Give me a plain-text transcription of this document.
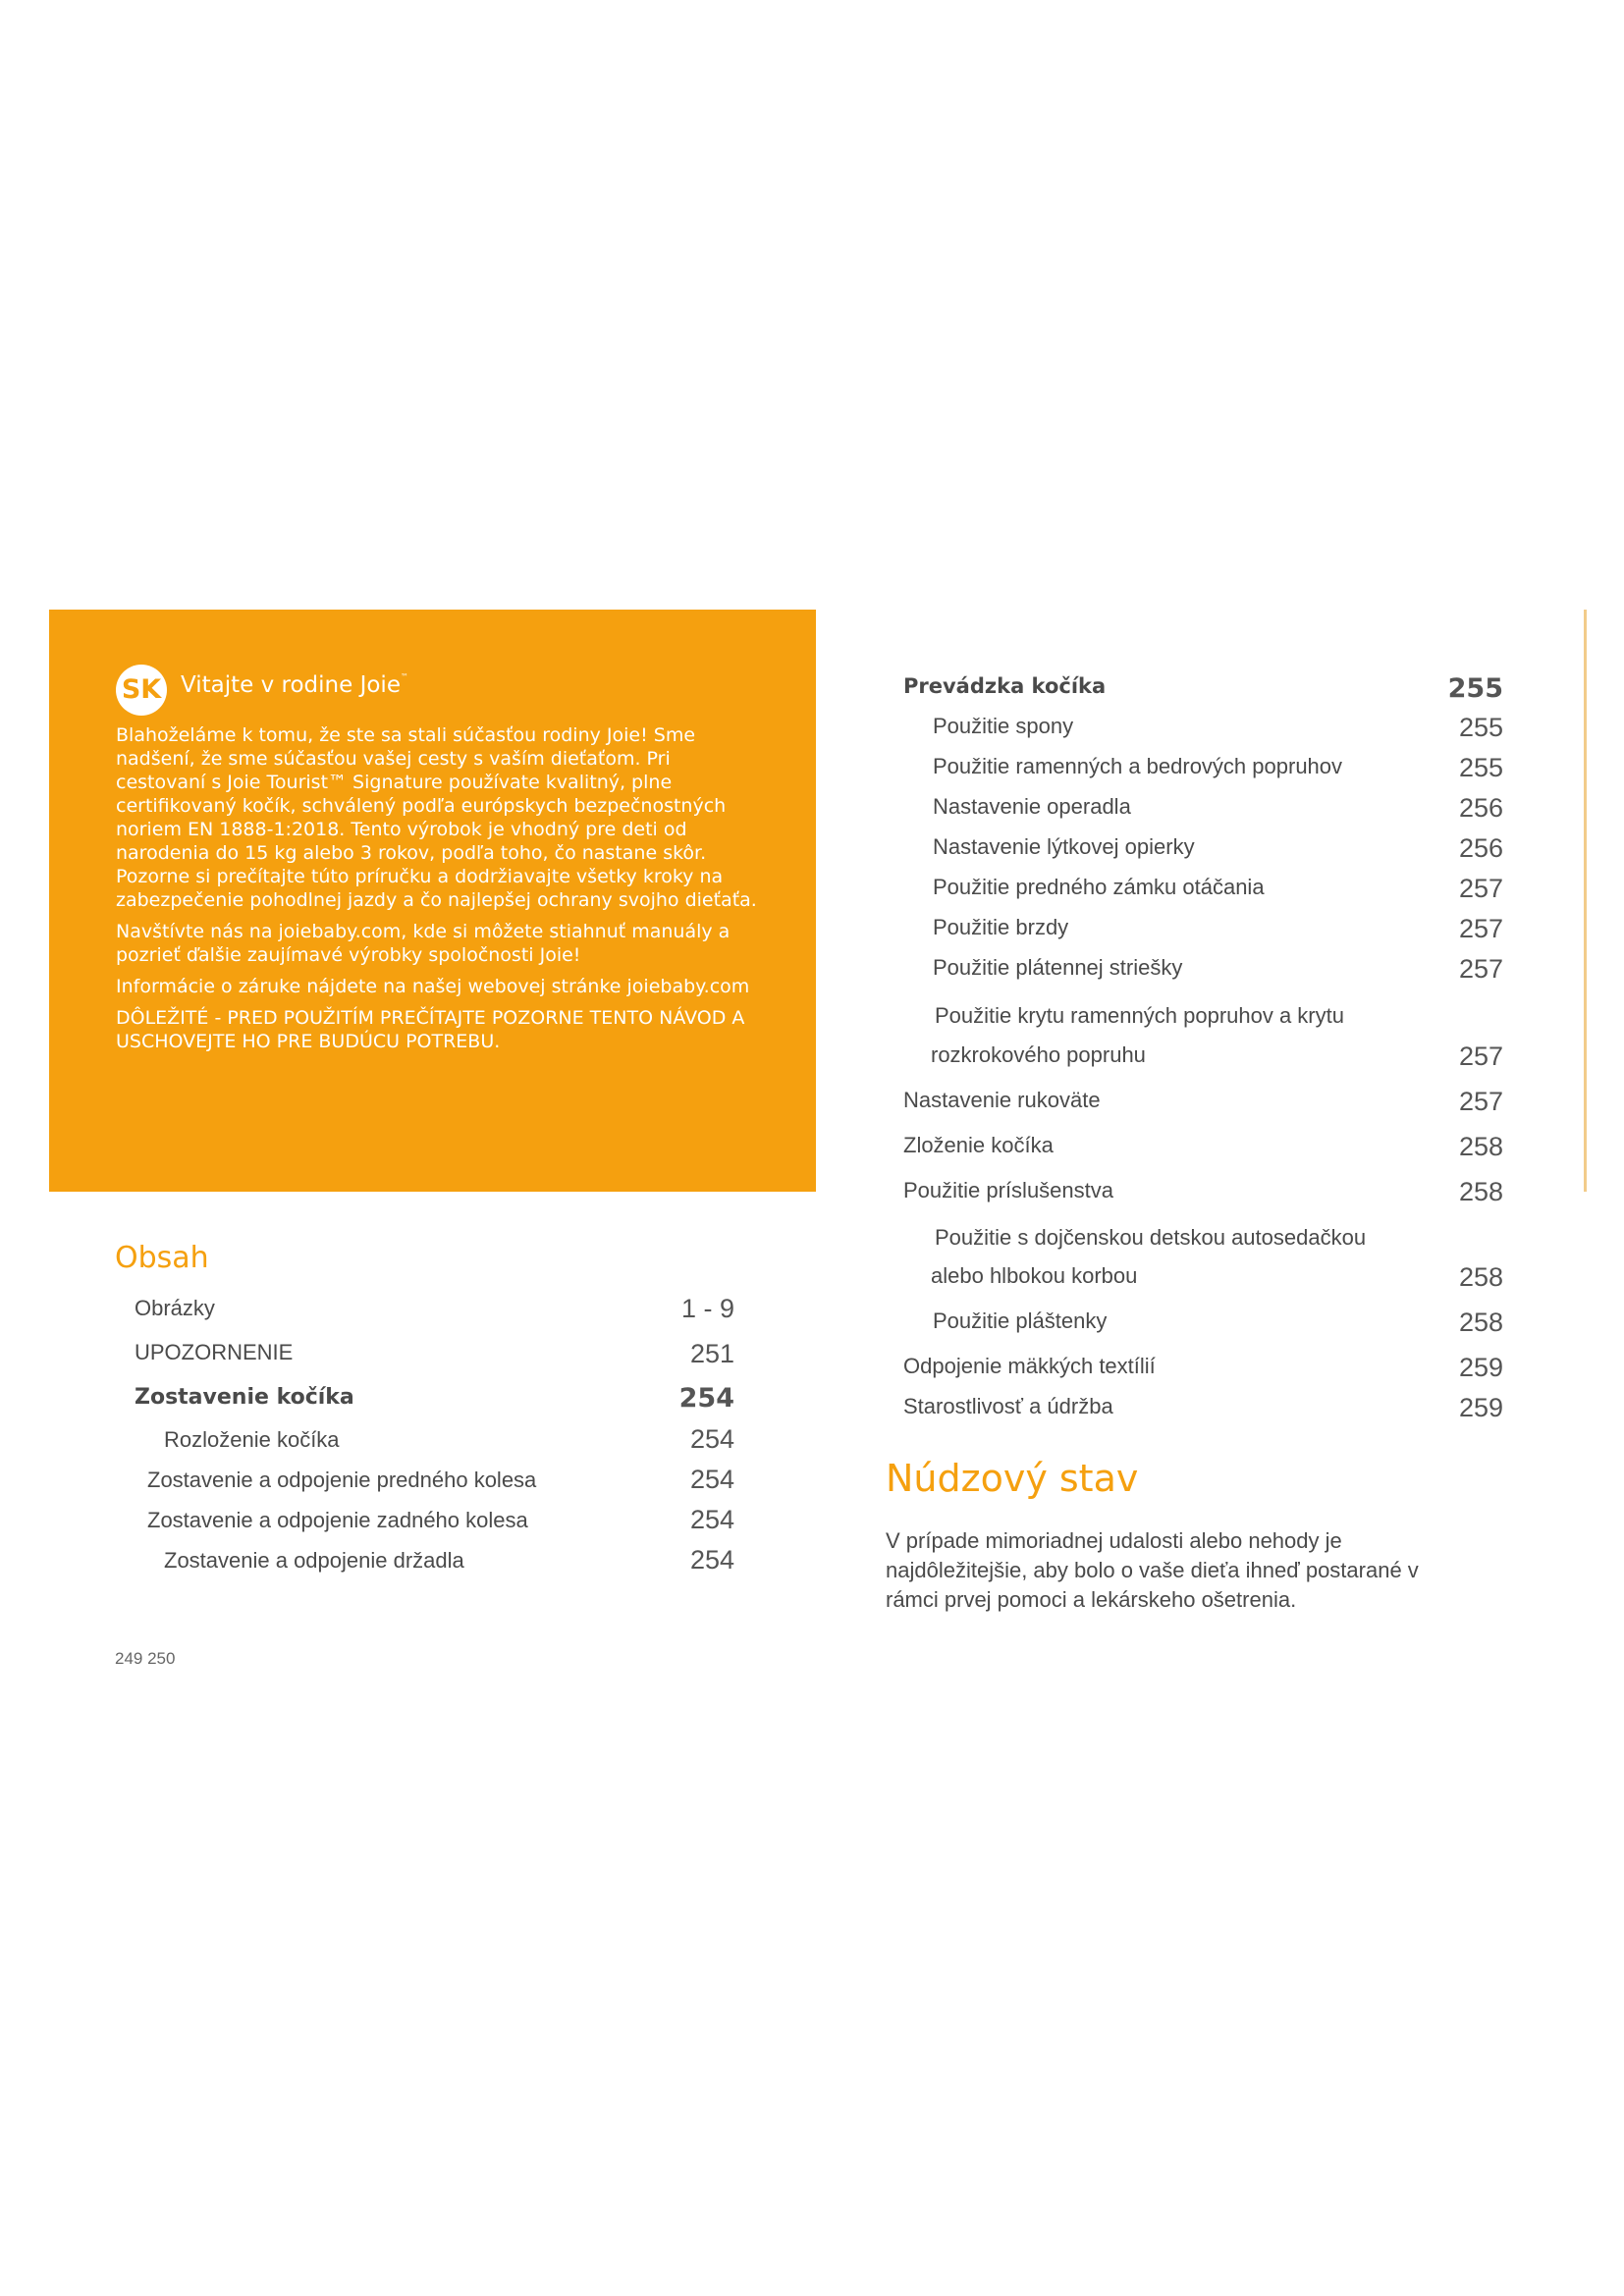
SK Vitajte v rodine Joie™

Blahoželáme k tomu, že ste sa stali súčasťou rodiny Joie! Sme nadšení, že sme súčasťou vašej cesty s vaším dieťaťom. Pri cestovaní s Joie Tourist™ Signature používate kvalitný, plne certifikovaný kočík, schválený podľa európskych bezpečnostných noriem EN 1888-1:2018. Tento výrobok je vhodný pre deti od narodenia do 15 kg alebo 3 rokov, podľa toho, čo nastane skôr. Pozorne si prečítajte túto príručku a dodržiavajte všetky kroky na zabezpečenie pohodlnej jazdy a čo najlepšej ochrany svojho dieťaťa.

Navštívte nás na joiebaby.com, kde si môžete stiahnuť manuály a pozrieť ďalšie zaujímavé výrobky spoločnosti Joie!

Informácie o záruke nájdete na našej webovej stránke joiebaby.com

DÔLEŽITÉ - PRED POUŽITÍM PREČÍTAJTE POZORNE TENTO NÁVOD A USCHOVEJTE HO PRE BUDÚCU POTREBU.

Obsah
Obrázky	1 - 9
UPOZORNENIE	251
Zostavenie kočíka	254
Rozloženie kočíka	254
Zostavenie a odpojenie predného kolesa	254
Zostavenie a odpojenie zadného kolesa	254
Zostavenie a odpojenie držadla	254
Prevádzka kočíka	255
Použitie spony	255
Použitie ramenných a bedrových popruhov	255
Nastavenie operadla	256
Nastavenie lýtkovej opierky	256
Použitie predného zámku otáčania	257
Použitie brzdy	257
Použitie plátennej striešky	257
Použitie krytu ramenných popruhov a krytu
rozkrokového popruhu	257
Nastavenie rukoväte	257
Zloženie kočíka	258
Použitie príslušenstva	258
Použitie s dojčenskou detskou autosedačkou
alebo hlbokou korbou	258
Použitie pláštenky	258
Odpojenie mäkkých textílií	259
Starostlivosť a údržba	259
Núdzový stav
V prípade mimoriadnej udalosti alebo nehody je najdôležitejšie, aby bolo o vaše dieťa ihneď postarané v rámci prvej pomoci a lekárskeho ošetrenia.
249 250
